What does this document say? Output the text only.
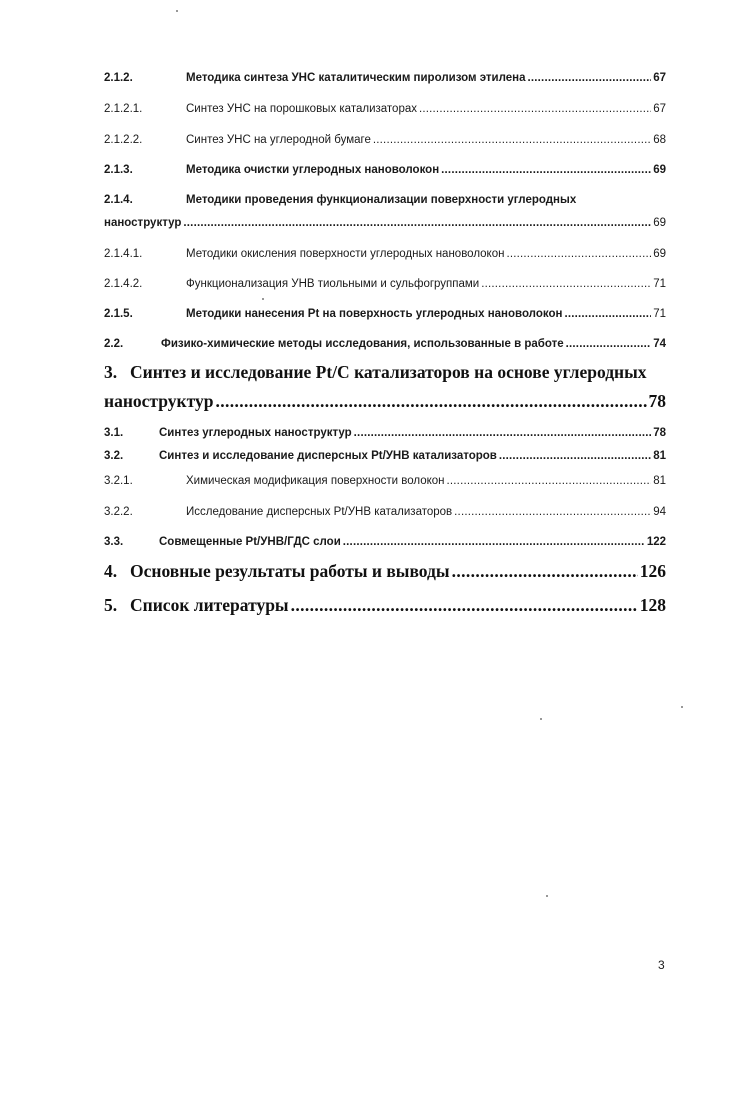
2.1.2.	Методика синтеза УНС каталитическим пиролизом этилена . . .	67
2.1.2.1.	Синтез УНС на порошковых катализаторах . . .	67
2.1.2.2.	Синтез УНС на углеродной бумаге . . .	68
2.1.3.	Методика очистки углеродных нановолокон . . .	69
2.1.4.	Методики проведения функционализации поверхности углеродных
наноструктур . . .	69
2.1.4.1.	Методики окисления поверхности углеродных нановолокон . . .	69
2.1.4.2.	Функционализация УНВ тиольными и сульфогруппами . . .	71
2.1.5.	Методики нанесения Pt на поверхность углеродных нановолокон . . .	71
2.2.	Физико-химические методы исследования, использованные в работе . . .	74
3. Синтез и исследование Pt/C катализаторов на основе углеродных
наноструктур . . .	78
3.1.	Синтез углеродных наноструктур . . .	78
3.2.	Синтез и исследование дисперсных Pt/УНВ катализаторов . . .	81
3.2.1.	Химическая модификация поверхности волокон . . .	81
3.2.2.	Исследование дисперсных Pt/УНВ катализаторов . . .	94
3.3.	Совмещенные Pt/УНВ/ГДС слои . . .	122
4. Основные результаты работы и выводы . . .	126
5. Список литературы . . .	128
3
